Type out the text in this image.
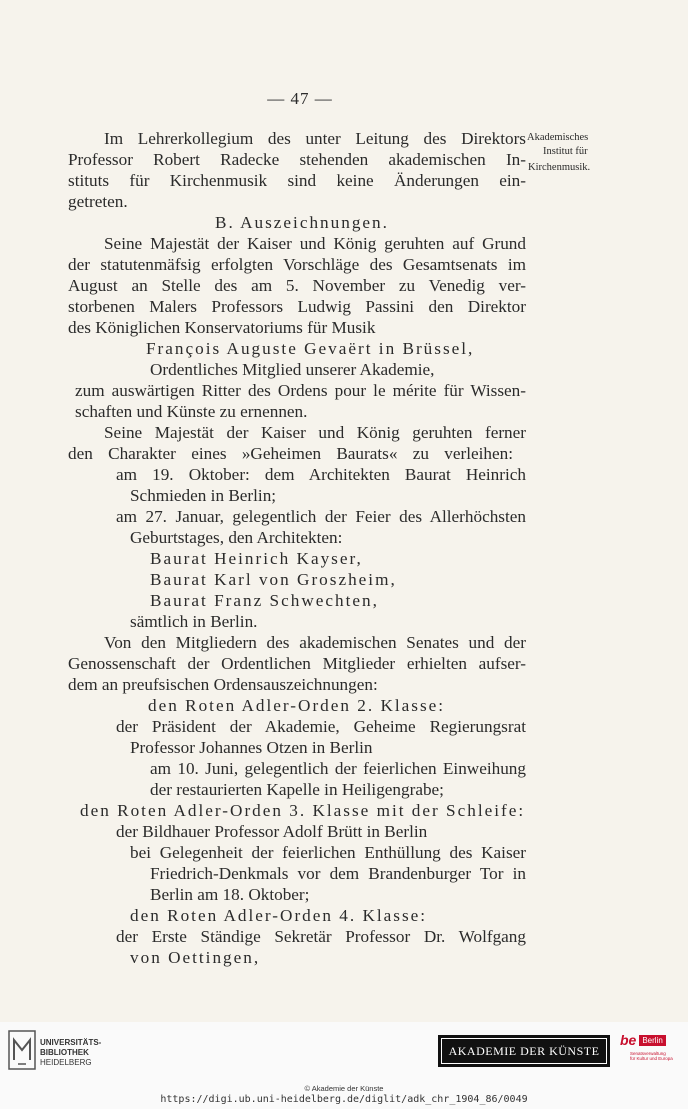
— 47 —
Akademisches
Institut für
Kirchenmusik.
Im Lehrerkollegium des unter Leitung des Direktors
Professor Robert Radecke stehenden akademischen In-
stituts für Kirchenmusik sind keine Änderungen ein-
getreten.
B. Auszeichnungen.
Seine Majestät der Kaiser und König geruhten auf Grund
der statutenmäfsig erfolgten Vorschläge des Gesamtsenats im
August an Stelle des am 5. November zu Venedig ver-
storbenen Malers Professors Ludwig Passini den Direktor
des Königlichen Konservatoriums für Musik
François Auguste Gevaërt in Brüssel,
Ordentliches Mitglied unserer Akademie,
zum auswärtigen Ritter des Ordens pour le mérite für Wissen-
schaften und Künste zu ernennen.
Seine Majestät der Kaiser und König geruhten ferner
den Charakter eines »Geheimen Baurats« zu verleihen:
am 19. Oktober: dem Architekten Baurat Heinrich
Schmieden in Berlin;
am 27. Januar, gelegentlich der Feier des Allerhöchsten
Geburtstages, den Architekten:
Baurat Heinrich Kayser,
Baurat Karl von Groszheim,
Baurat Franz Schwechten,
sämtlich in Berlin.
Von den Mitgliedern des akademischen Senates und der
Genossenschaft der Ordentlichen Mitglieder erhielten aufser-
dem an preufsischen Ordensauszeichnungen:
den Roten Adler-Orden 2. Klasse:
der Präsident der Akademie, Geheime Regierungsrat
Professor Johannes Otzen in Berlin
am 10. Juni, gelegentlich der feierlichen Einweihung
der restaurierten Kapelle in Heiligengrabe;
den Roten Adler-Orden 3. Klasse mit der Schleife:
der Bildhauer Professor Adolf Brütt in Berlin
bei Gelegenheit der feierlichen Enthüllung des Kaiser
Friedrich-Denkmals vor dem Brandenburger Tor in
Berlin am 18. Oktober;
den Roten Adler-Orden 4. Klasse:
der Erste Ständige Sekretär Professor Dr. Wolfgang
von Oettingen,
UNIVERSITÄTS-
BIBLIOTHEK
HEIDELBERG
AKADEMIE DER KÜNSTE
be Berlin
Senatsverwaltung
für Kultur und Europa
© Akademie der Künste
https://digi.ub.uni-heidelberg.de/diglit/adk_chr_1904_86/0049
